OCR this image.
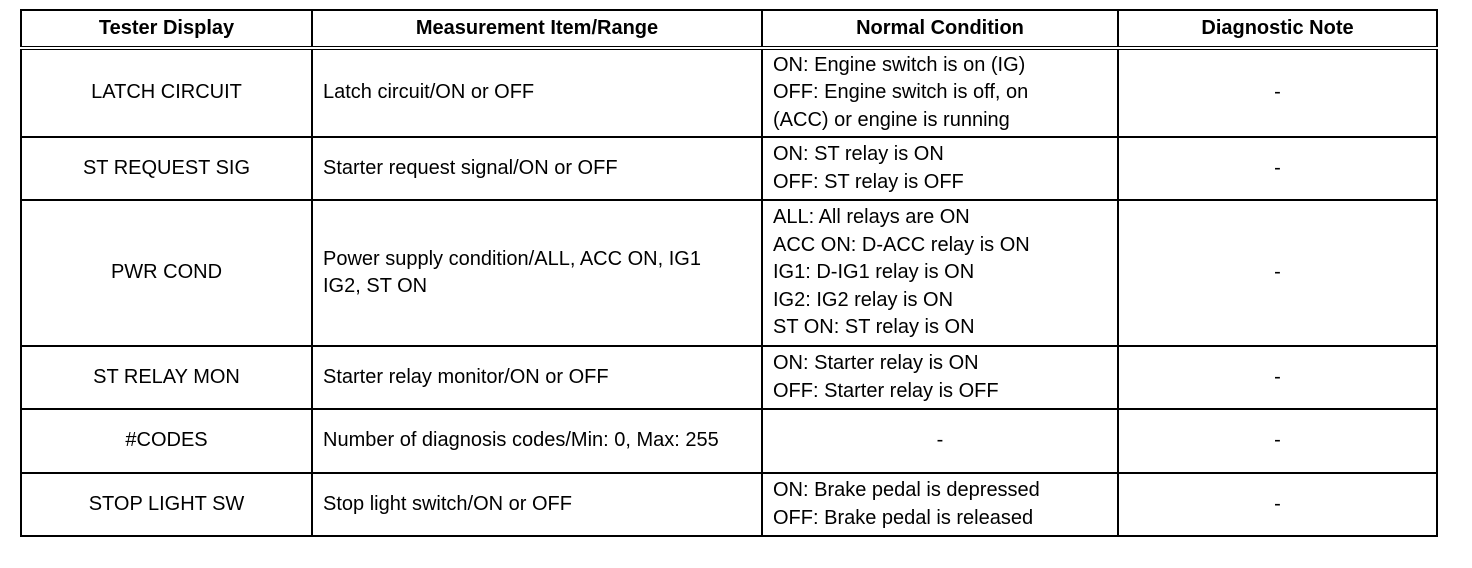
Tester Display	Measurement Item/Range	Normal Condition	Diagnostic Note
LATCH CIRCUIT	Latch circuit/ON or OFF	ON: Engine switch is on (IG)
OFF: Engine switch is off, on
(ACC) or engine is running	-
ST REQUEST SIG	Starter request signal/ON or OFF	ON: ST relay is ON
OFF: ST relay is OFF	-
PWR COND	Power supply condition/ALL, ACC ON, IG1 IG2, ST ON	ALL: All relays are ON
ACC ON: D-ACC relay is ON
IG1: D-IG1 relay is ON
IG2: IG2 relay is ON
ST ON: ST relay is ON	-
ST RELAY MON	Starter relay monitor/ON or OFF	ON: Starter relay is ON
OFF: Starter relay is OFF	-
#CODES	Number of diagnosis codes/Min: 0, Max: 255	-	-
STOP LIGHT SW	Stop light switch/ON or OFF	ON: Brake pedal is depressed
OFF: Brake pedal is released	-
